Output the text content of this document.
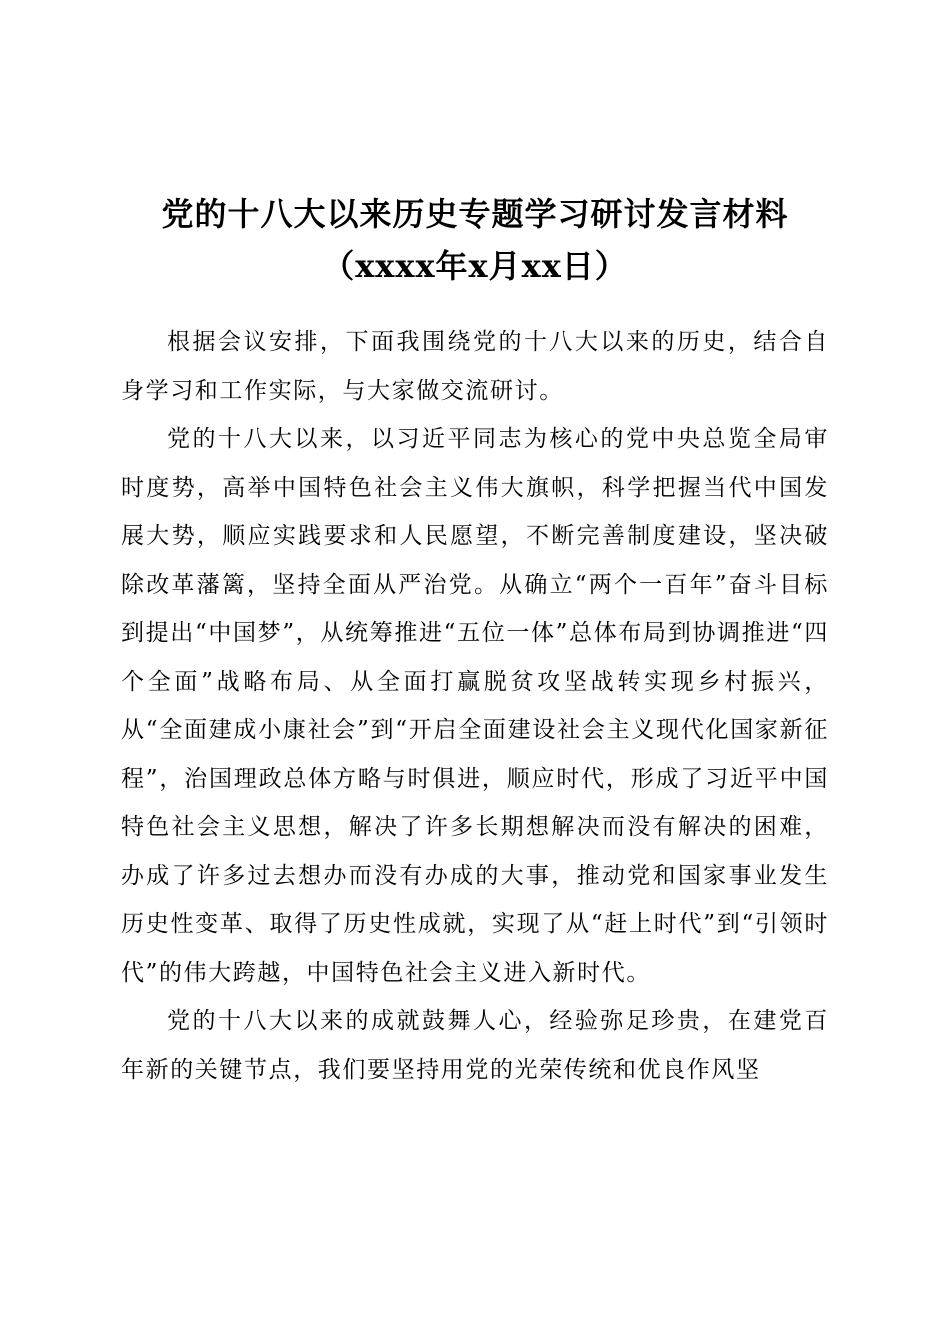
党的十八大以来历史专题学习研讨发言材料
（xxxx年x月xx日）

根据会议安排，下面我围绕党的十八大以来的历史，结合自身学习和工作实际，与大家做交流研讨。

党的十八大以来，以习近平同志为核心的党中央总览全局审时度势，高举中国特色社会主义伟大旗帜，科学把握当代中国发展大势，顺应实践要求和人民愿望，不断完善制度建设，坚决破除改革藩篱，坚持全面从严治党。从确立“两个一百年”奋斗目标到提出“中国梦”，从统筹推进“五位一体”总体布局到协调推进“四个全面”战略布局、从全面打赢脱贫攻坚战转实现乡村振兴，从“全面建成小康社会”到“开启全面建设社会主义现代化国家新征程”，治国理政总体方略与时俱进，顺应时代，形成了习近平中国特色社会主义思想，解决了许多长期想解决而没有解决的困难，办成了许多过去想办而没有办成的大事，推动党和国家事业发生历史性变革、取得了历史性成就，实现了从“赶上时代”到“引领时代”的伟大跨越，中国特色社会主义进入新时代。

党的十八大以来的成就鼓舞人心，经验弥足珍贵，在建党百年新的关键节点，我们要坚持用党的光荣传统和优良作风坚
